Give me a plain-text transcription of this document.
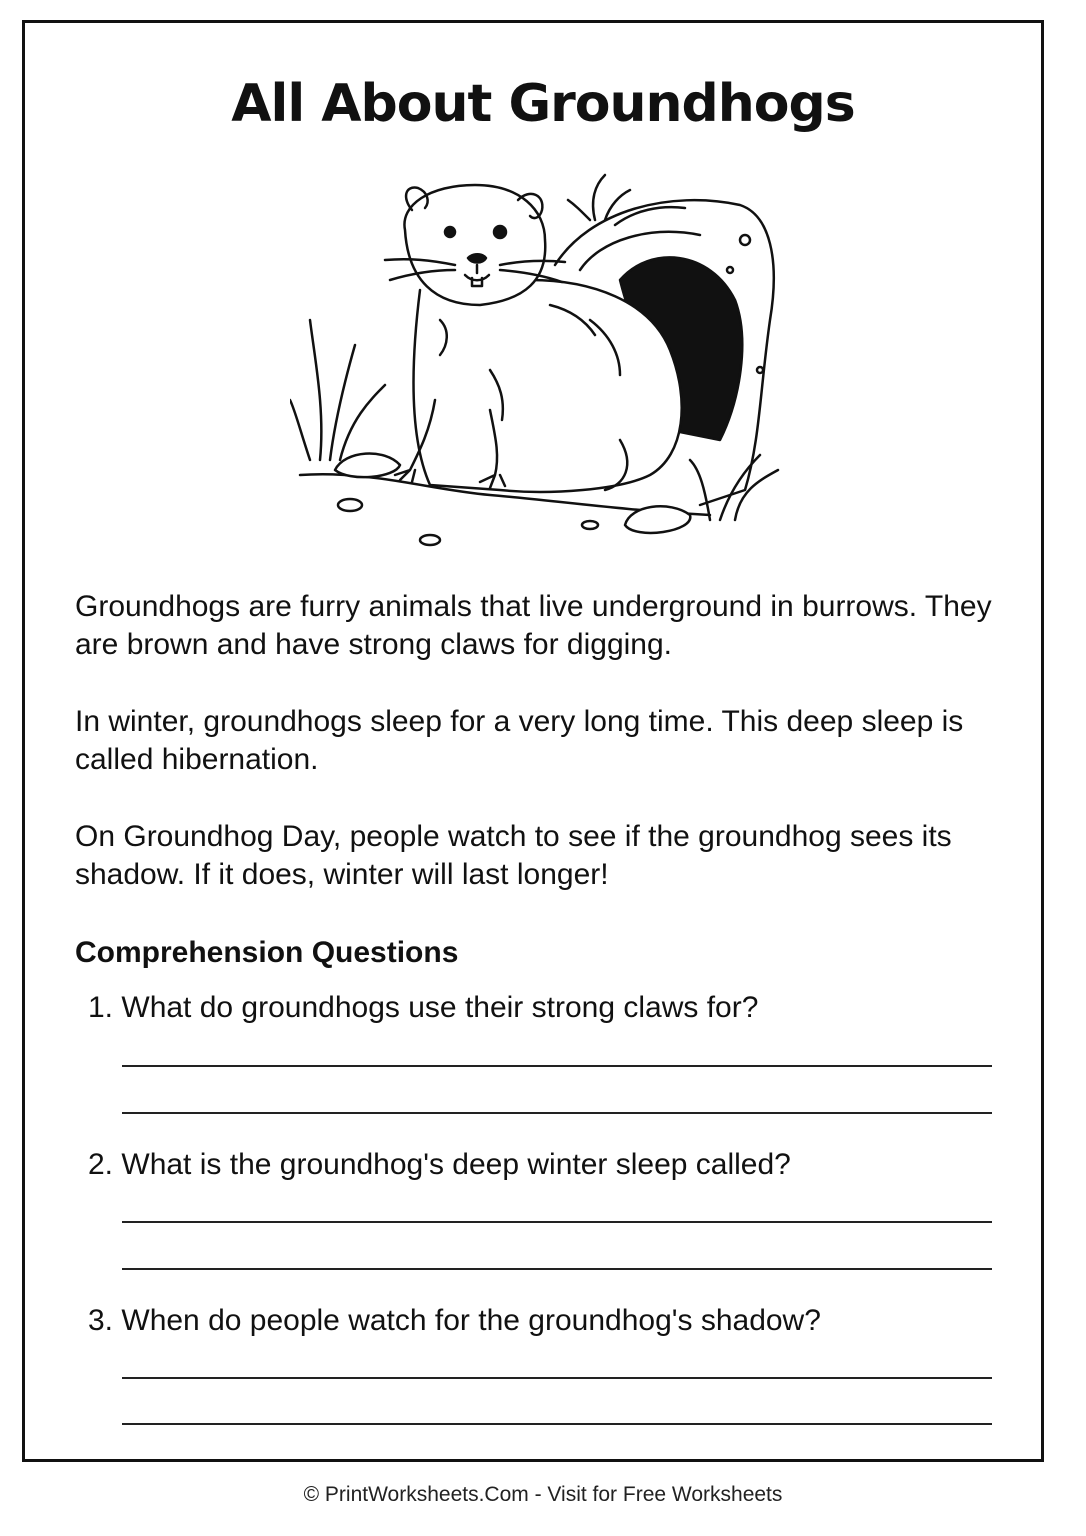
All About Groundhogs

Groundhogs are furry animals that live underground in burrows. They are brown and have strong claws for digging.

In winter, groundhogs sleep for a very long time. This deep sleep is called hibernation.

On Groundhog Day, people watch to see if the groundhog sees its shadow. If it does, winter will last longer!

Comprehension Questions

1. What do groundhogs use their strong claws for?

2. What is the groundhog's deep winter sleep called?

3. When do people watch for the groundhog's shadow?

© PrintWorksheets.Com - Visit for Free Worksheets
